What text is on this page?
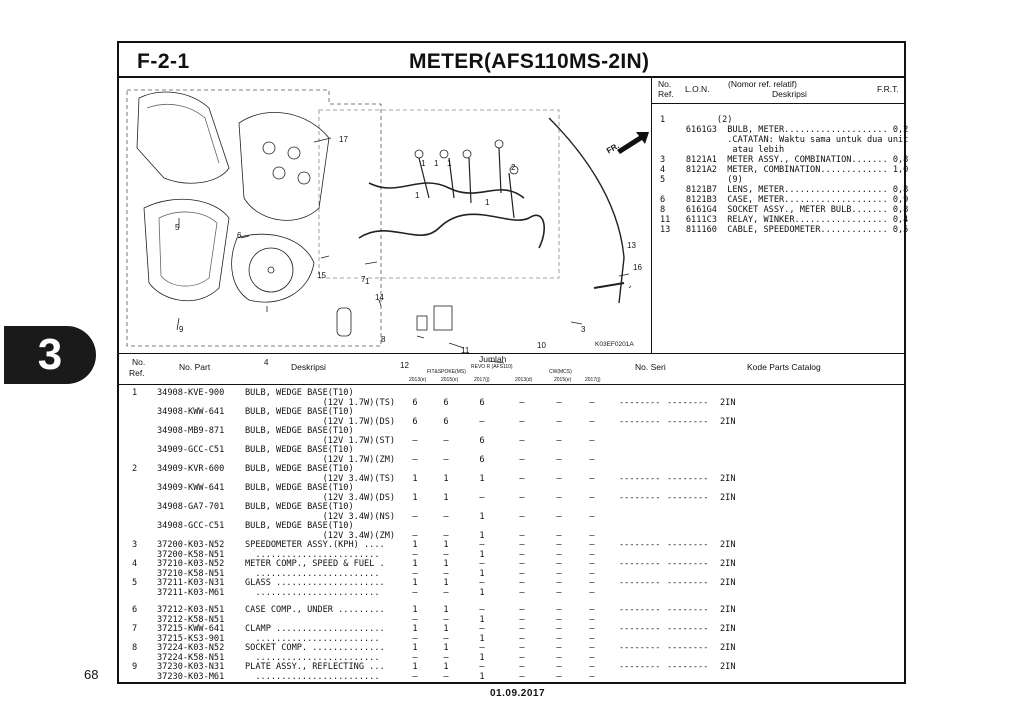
3
68
01.09.2017
F-2-1	METER(AFS110MS-2IN)
FR.
17
5
6
15
9
4
1 1 1
1
1
2
1
7
14
8
12
11
10
3
13
16
K03EF0201A
No.
Ref. L.O.N. (Nomor ref. relatif)
Deskripsi	F.R.T.
1          (2)
6161G3  BULB, METER.................... 0,2
.CATATAN: Waktu sama untuk dua unit
atau lebih
3    8121A1  METER ASSY., COMBINATION....... 0,8
4    8121A2  METER, COMBINATION............. 1,0
5            (9)
8121B7  LENS, METER.................... 0,8
6    8121B3  CASE, METER.................... 0,9
8    6161G4  SOCKET ASSY., METER BULB....... 0,8
11   6111C3  RELAY, WINKER.................. 0,4
13   811160  CABLE, SPEEDOMETER............. 0,5
No.
Ref.
No. Part	Deskripsi
Jumlah
REVO R (AFS110)
FIT&SPOKE(MS)	CW(MCS)
2013(e)	2015(e)	2017(j)	2013(d)	2015(e)	2017(j)
No. Seri	Kode Parts Catalog
1 34908-KVE-900 BULB, WEDGE BASE(T10)
(12V 1.7W)(TS)	6	6	6	–	–	–	-------- -------- 2IN
34908-KWW-641 BULB, WEDGE BASE(T10)
(12V 1.7W)(DS)	6	6	–	–	–	–	-------- -------- 2IN
34908-MB9-871 BULB, WEDGE BASE(T10)
(12V 1.7W)(ST)	–	–	6	–	–	–
34909-GCC-C51 BULB, WEDGE BASE(T10)
(12V 1.7W)(ZM)	–	–	6	–	–	–
2 34909-KVR-600 BULB, WEDGE BASE(T10)
(12V 3.4W)(TS)	1	1	1	–	–	–	-------- -------- 2IN
34909-KWW-641 BULB, WEDGE BASE(T10)
(12V 3.4W)(DS)	1	1	–	–	–	–	-------- -------- 2IN
34908-GA7-701 BULB, WEDGE BASE(T10)
(12V 3.4W)(NS)	–	–	1	–	–	–
34908-GCC-C51 BULB, WEDGE BASE(T10)
(12V 3.4W)(ZM)	–	–	1	–	–	–
3 37200-K03-N52 SPEEDOMETER ASSY.(KPH) ....	1	1	–	–	–	–	-------- -------- 2IN
37200-K58-N51 ........................	–	–	1	–	–	–
4 37210-K03-N52 METER COMP., SPEED & FUEL .	1	1	–	–	–	–	-------- -------- 2IN
37210-K58-N51 ........................	–	–	1	–	–	–
5 37211-K03-N31 GLASS .....................	1	1	–	–	–	–	-------- -------- 2IN
37211-K03-M61 ........................	–	–	1	–	–	–
6 37212-K03-N51 CASE COMP., UNDER .........	1	1	–	–	–	–	-------- -------- 2IN
37212-K58-N51	–	–	1	–	–	–
7 37215-KWW-641 CLAMP .....................	1	1	–	–	–	–	-------- -------- 2IN
37215-KS3-901 ........................	–	–	1	–	–	–
8 37224-K03-N52 SOCKET COMP. ..............	1	1	–	–	–	–	-------- -------- 2IN
37224-K58-N51 ........................	–	–	1	–	–	–
9 37230-K03-N31 PLATE ASSY., REFLECTING ...	1	1	–	–	–	–	-------- -------- 2IN
37230-K03-M61 ........................	–	–	1	–	–	–
